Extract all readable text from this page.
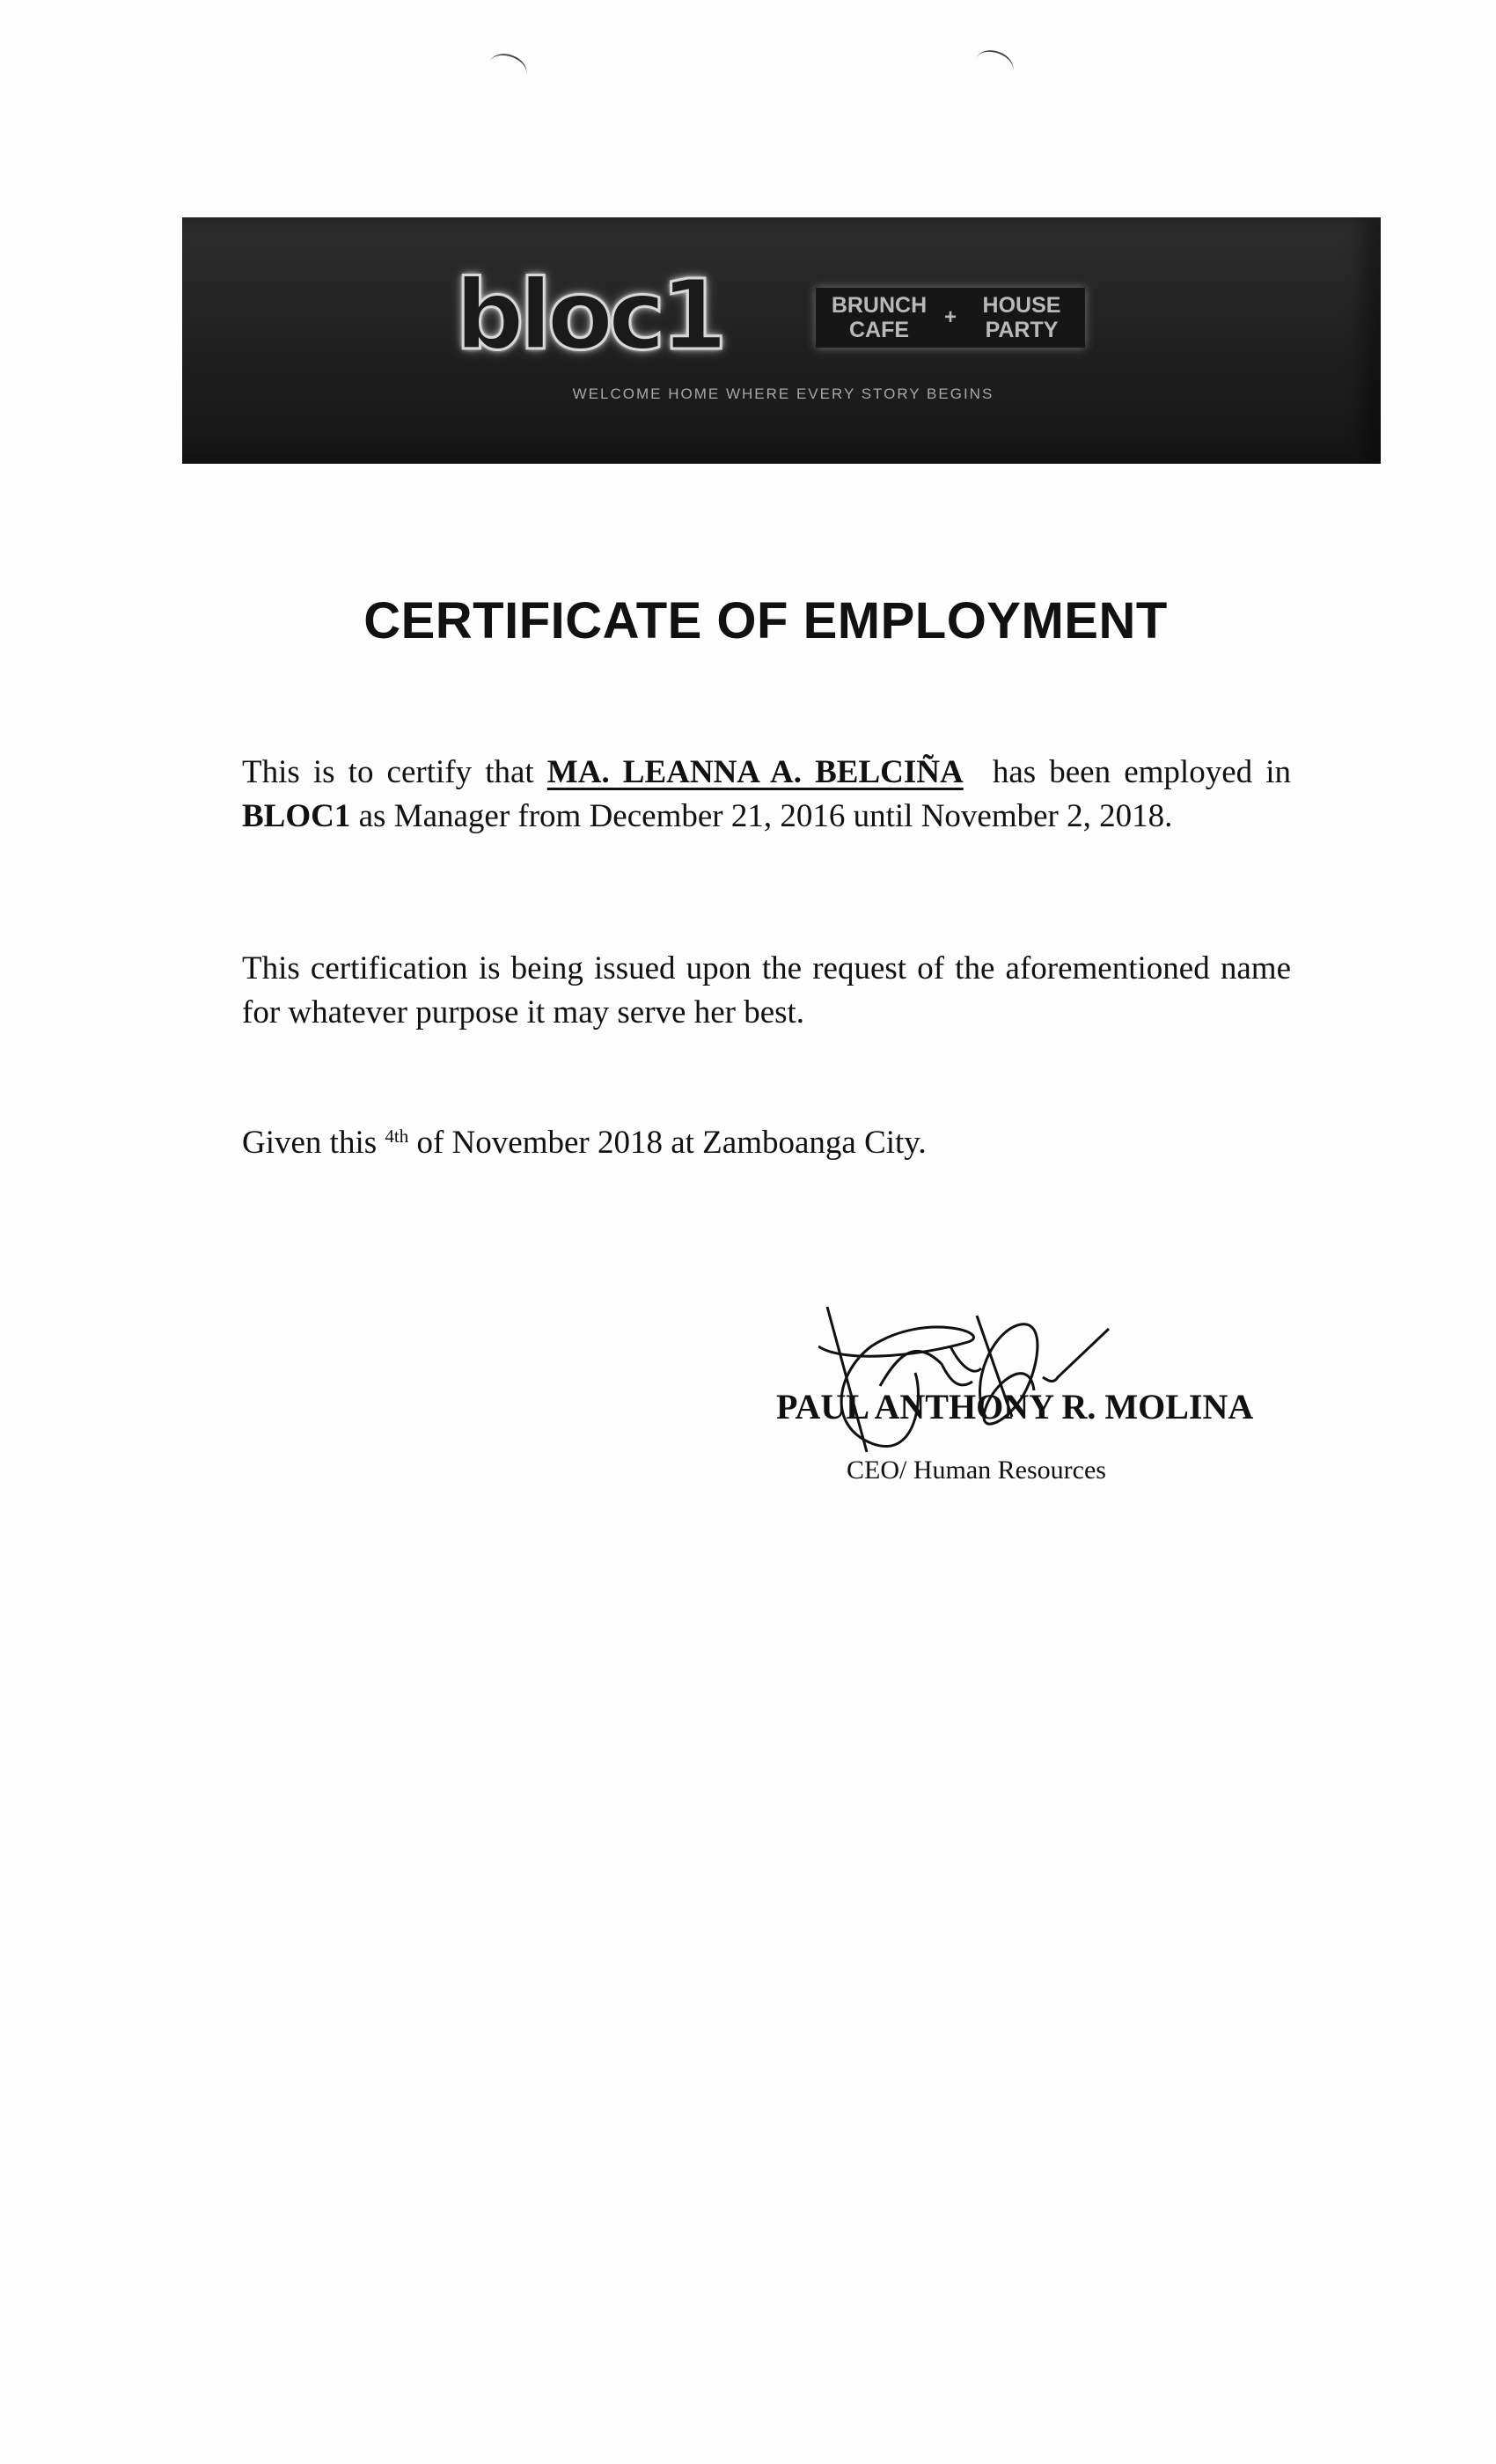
bloc1	BRUNCH
CAFE
+	HOUSE
PARTY
WELCOME HOME WHERE EVERY STORY BEGINS
CERTIFICATE OF EMPLOYMENT
This is to certify that MA. LEANNA A. BELCIÑA has been employed in BLOC1 as Manager from December 21, 2016 until November 2, 2018.
This certification is being issued upon the request of the aforementioned name for whatever purpose it may serve her best.
Given this $^{4th}$ of November 2018 at Zamboanga City.
PAUL ANTHONY R. MOLINA
CEO/ Human Resources
